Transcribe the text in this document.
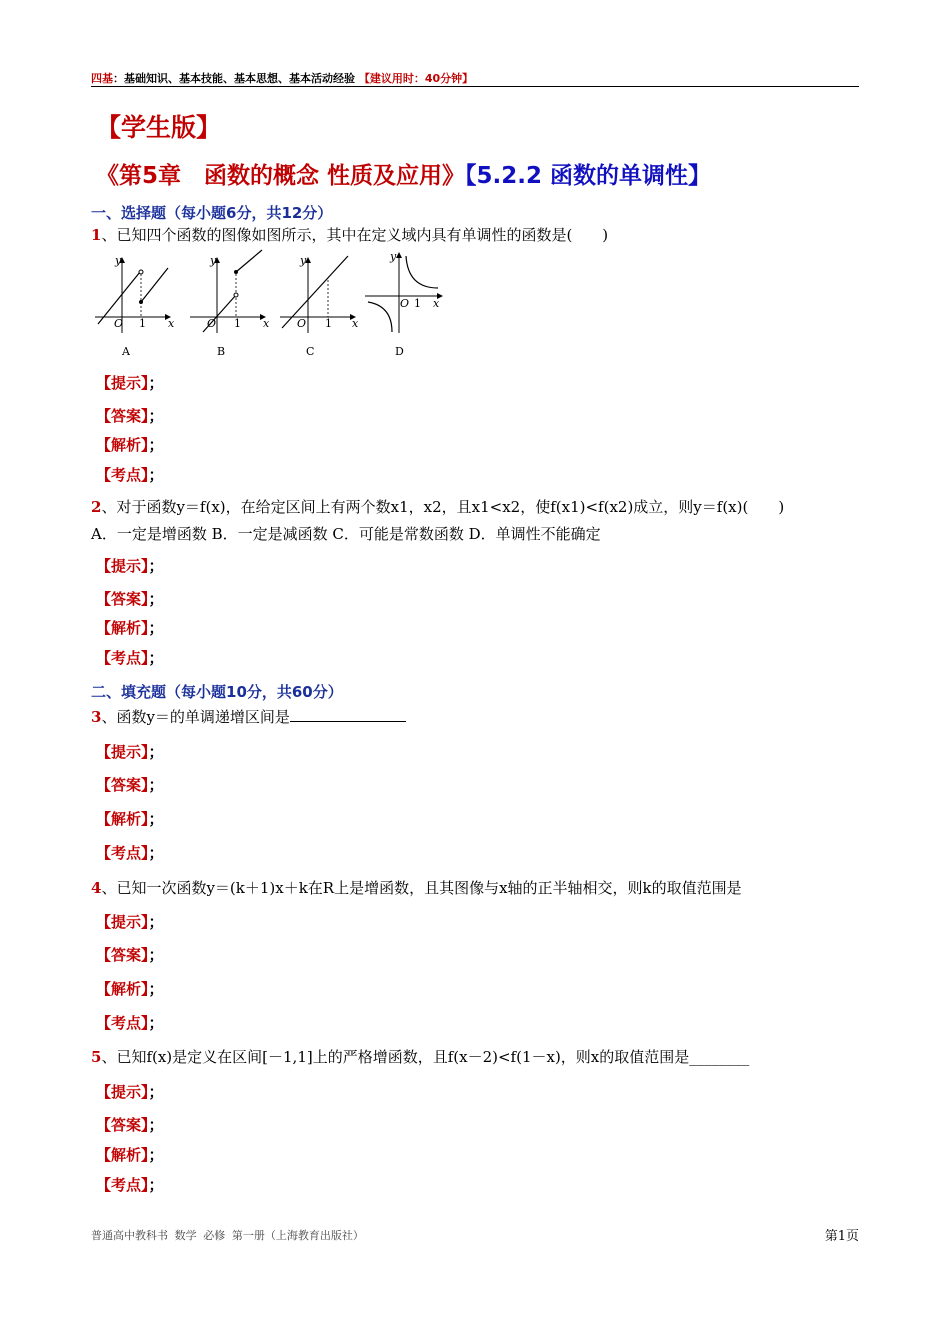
四基：基础知识、基本技能、基本思想、基本活动经验 【建议用时：40分钟】
【学生版】
《第5章　函数的概念 性质及应用》【5.2.2 函数的单调性】
一、选择题（每小题6分，共12分）
1、已知四个函数的图像如图所示，其中在定义域内具有单调性的函数是(　　)
y
x
O 1
y
x
O 1
y
x
O 1
y
x
O 1
A	B	C	D
【提示】；
【答案】；
【解析】；
【考点】；
2、对于函数y＝f(x)，在给定区间上有两个数x1，x2，且x1<x2，使f(x1)<f(x2)成立，则y＝f(x)(　　)
A．一定是增函数 B．一定是减函数 C．可能是常数函数 D．单调性不能确定
【提示】；
【答案】；
【解析】；
【考点】；
二、填充题（每小题10分，共60分）
3、函数y＝的单调递增区间是
【提示】；
【答案】；
【解析】；
【考点】；
4、已知一次函数y＝(k＋1)x＋k在R上是增函数，且其图像与x轴的正半轴相交，则k的取值范围是
【提示】；
【答案】；
【解析】；
【考点】；
5、已知f(x)是定义在区间[－1,1]上的严格增函数，且f(x－2)<f(1－x)，则x的取值范围是________
【提示】；
【答案】；
【解析】；
【考点】；
普通高中教科书 数学 必修 第一册（上海教育出版社）	第1页
